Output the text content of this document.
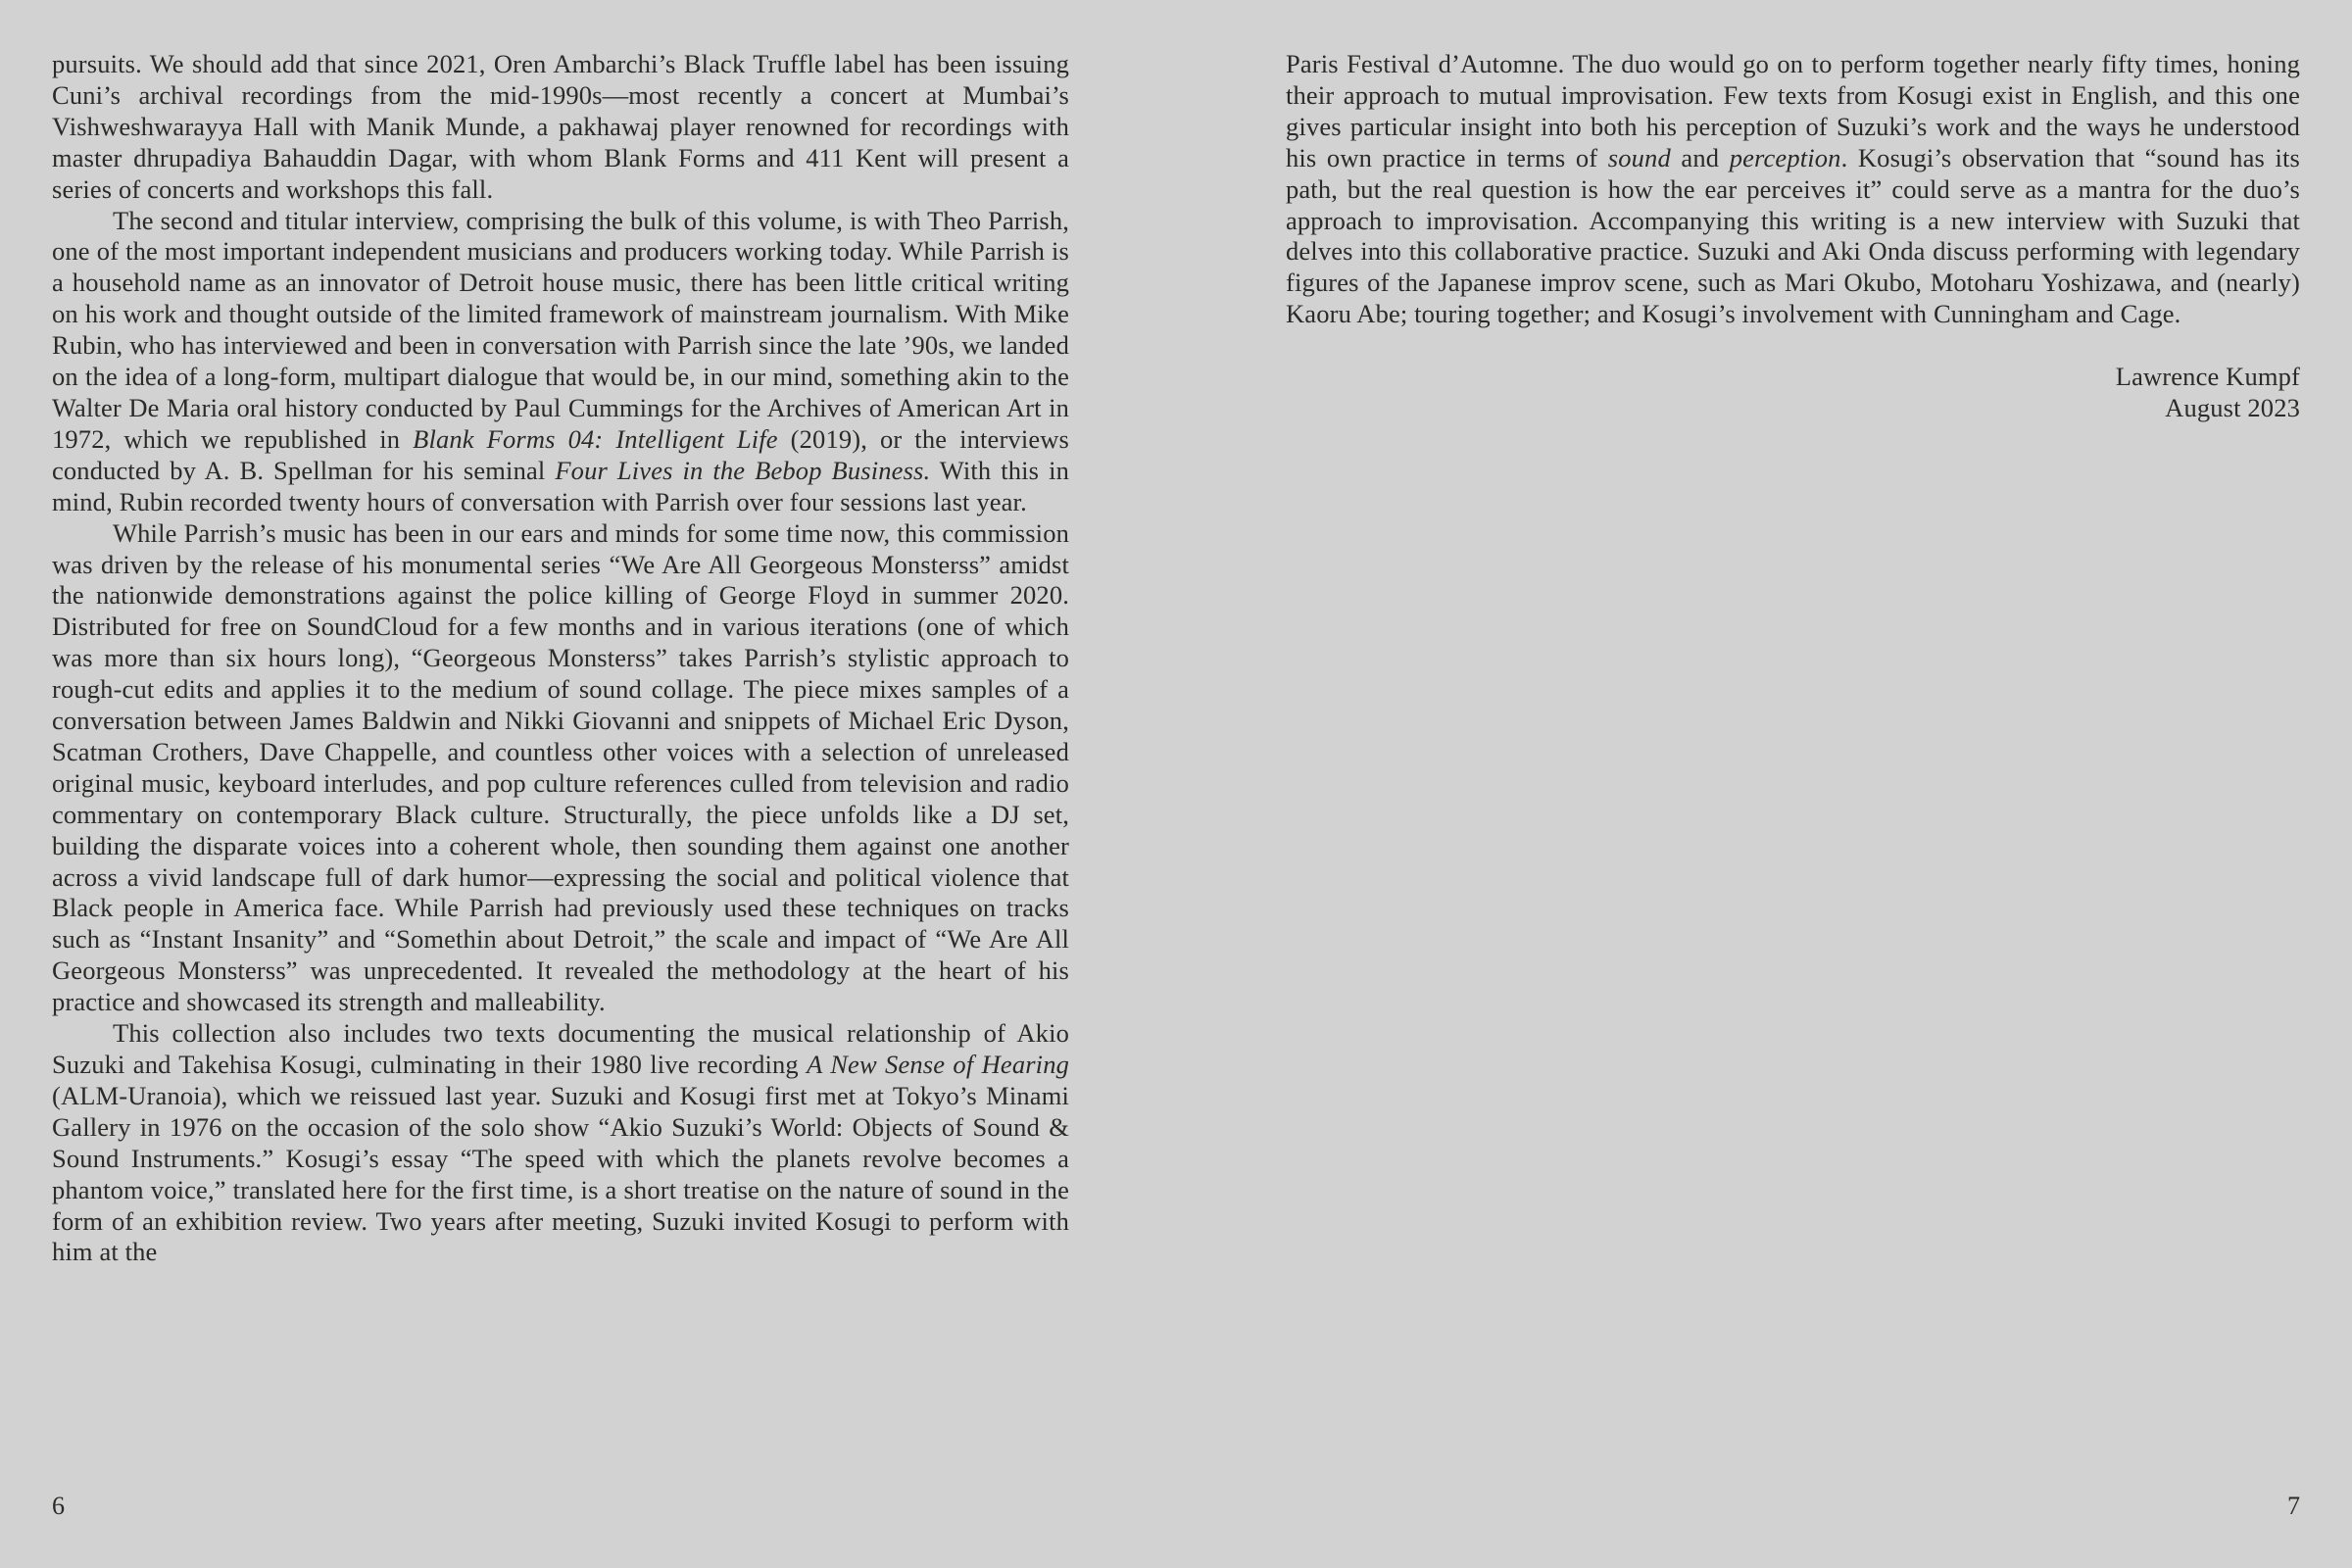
pursuits. We should add that since 2021, Oren Ambarchi’s Black Truffle label has been issuing Cuni’s archival recordings from the mid-1990s—most recently a concert at Mumbai’s Vishweshwarayya Hall with Manik Munde, a pakhawaj player renowned for recordings with master dhrupadiya Bahauddin Dagar, with whom Blank Forms and 411 Kent will present a series of concerts and workshops this fall.

The second and titular interview, comprising the bulk of this volume, is with Theo Parrish, one of the most important independent musicians and producers working today. While Parrish is a household name as an innovator of Detroit house music, there has been little critical writing on his work and thought outside of the limited framework of mainstream journalism. With Mike Rubin, who has interviewed and been in conversation with Parrish since the late ’90s, we landed on the idea of a long-form, multipart dialogue that would be, in our mind, something akin to the Walter De Maria oral history conducted by Paul Cummings for the Archives of American Art in 1972, which we republished in Blank Forms 04: Intelligent Life (2019), or the interviews conducted by A. B. Spellman for his seminal Four Lives in the Bebop Business. With this in mind, Rubin recorded twenty hours of conversation with Parrish over four sessions last year.

While Parrish’s music has been in our ears and minds for some time now, this commission was driven by the release of his monumental series “We Are All Georgeous Monsterss” amidst the nationwide demonstrations against the police killing of George Floyd in summer 2020. Distributed for free on SoundCloud for a few months and in various iterations (one of which was more than six hours long), “Georgeous Monsterss” takes Parrish’s stylistic approach to rough-cut edits and applies it to the medium of sound collage. The piece mixes samples of a conversation between James Baldwin and Nikki Giovanni and snippets of Michael Eric Dyson, Scatman Crothers, Dave Chappelle, and countless other voices with a selection of unreleased original music, keyboard interludes, and pop culture references culled from television and radio commentary on contemporary Black culture. Structurally, the piece unfolds like a DJ set, building the disparate voices into a coherent whole, then sounding them against one another across a vivid landscape full of dark humor—expressing the social and political violence that Black people in America face. While Parrish had previously used these techniques on tracks such as “Instant Insanity” and “Somethin about Detroit,” the scale and impact of “We Are All Georgeous Monsterss” was unprecedented. It revealed the methodology at the heart of his practice and showcased its strength and malleability.

This collection also includes two texts documenting the musical relationship of Akio Suzuki and Takehisa Kosugi, culminating in their 1980 live recording A New Sense of Hearing (ALM-Uranoia), which we reissued last year. Suzuki and Kosugi first met at Tokyo’s Minami Gallery in 1976 on the occasion of the solo show “Akio Suzuki’s World: Objects of Sound & Sound Instruments.” Kosugi’s essay “The speed with which the planets revolve becomes a phantom voice,” translated here for the first time, is a short treatise on the nature of sound in the form of an exhibition review. Two years after meeting, Suzuki invited Kosugi to perform with him at the

6

Paris Festival d’Automne. The duo would go on to perform together nearly fifty times, honing their approach to mutual improvisation. Few texts from Kosugi exist in English, and this one gives particular insight into both his perception of Suzuki’s work and the ways he understood his own practice in terms of sound and perception. Kosugi’s observation that “sound has its path, but the real question is how the ear perceives it” could serve as a mantra for the duo’s approach to improvisation. Accompanying this writing is a new interview with Suzuki that delves into this collaborative practice. Suzuki and Aki Onda discuss performing with legendary figures of the Japanese improv scene, such as Mari Okubo, Motoharu Yoshizawa, and (nearly) Kaoru Abe; touring together; and Kosugi’s involvement with Cunningham and Cage.

Lawrence Kumpf
August 2023
7
